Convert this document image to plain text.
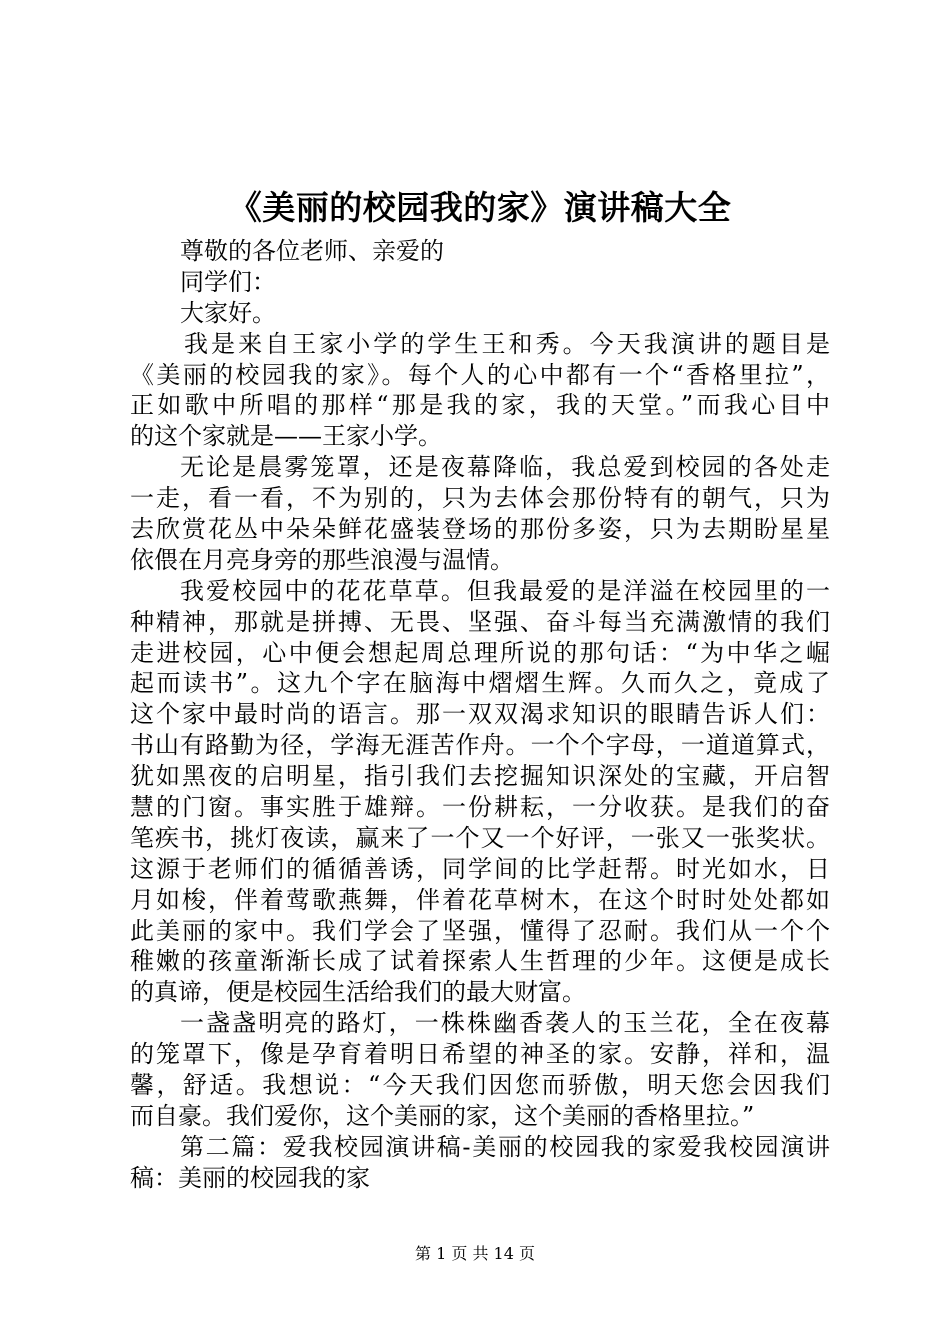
《美丽的校园我的家》演讲稿大全
尊敬的各位老师、亲爱的
同学们：
大家好。
我是来自王家小学的学生王和秀。今天我演讲的题目是
《美丽的校园我的家》。每个人的心中都有一个“香格里拉”，
正如歌中所唱的那样“那是我的家，我的天堂。”而我心目中
的这个家就是——王家小学。
无论是晨雾笼罩，还是夜幕降临，我总爱到校园的各处走
一走，看一看，不为别的，只为去体会那份特有的朝气，只为
去欣赏花丛中朵朵鲜花盛装登场的那份多姿，只为去期盼星星
依偎在月亮身旁的那些浪漫与温情。
我爱校园中的花花草草。但我最爱的是洋溢在校园里的一
种精神，那就是拼搏、无畏、坚强、奋斗每当充满激情的我们
走进校园，心中便会想起周总理所说的那句话：“为中华之崛
起而读书”。这九个字在脑海中熠熠生辉。久而久之，竟成了
这个家中最时尚的语言。那一双双渴求知识的眼睛告诉人们：
书山有路勤为径，学海无涯苦作舟。一个个字母，一道道算式，
犹如黑夜的启明星，指引我们去挖掘知识深处的宝藏，开启智
慧的门窗。事实胜于雄辩。一份耕耘，一分收获。是我们的奋
笔疾书，挑灯夜读，赢来了一个又一个好评，一张又一张奖状。
这源于老师们的循循善诱，同学间的比学赶帮。时光如水，日
月如梭，伴着莺歌燕舞，伴着花草树木，在这个时时处处都如
此美丽的家中。我们学会了坚强，懂得了忍耐。我们从一个个
稚嫩的孩童渐渐长成了试着探索人生哲理的少年。这便是成长
的真谛，便是校园生活给我们的最大财富。
一盏盏明亮的路灯，一株株幽香袭人的玉兰花，全在夜幕
的笼罩下，像是孕育着明日希望的神圣的家。安静，祥和，温
馨，舒适。我想说：“今天我们因您而骄傲，明天您会因我们
而自豪。我们爱你，这个美丽的家，这个美丽的香格里拉。”
第二篇：爱我校园演讲稿-美丽的校园我的家爱我校园演讲
稿：美丽的校园我的家
第 1 页 共 14 页
